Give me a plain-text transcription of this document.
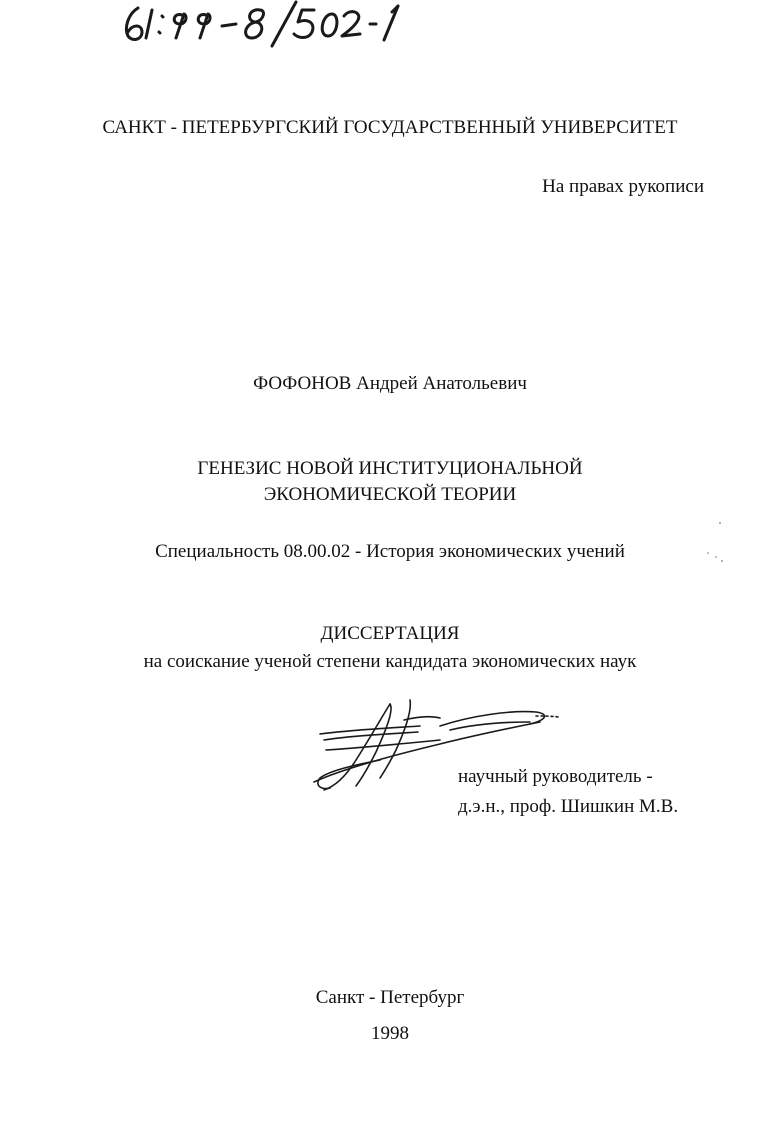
САНКТ - ПЕТЕРБУРГСКИЙ ГОСУДАРСТВЕННЫЙ УНИВЕРСИТЕТ
На правах рукописи
ФОФОНОВ Андрей Анатольевич
ГЕНЕЗИС НОВОЙ ИНСТИТУЦИОНАЛЬНОЙ
ЭКОНОМИЧЕСКОЙ ТЕОРИИ
Специальность 08.00.02 - История экономических учений
ДИССЕРТАЦИЯ
на соискание ученой степени кандидата экономических наук
научный руководитель -
д.э.н., проф. Шишкин М.В.
Санкт - Петербург
1998
